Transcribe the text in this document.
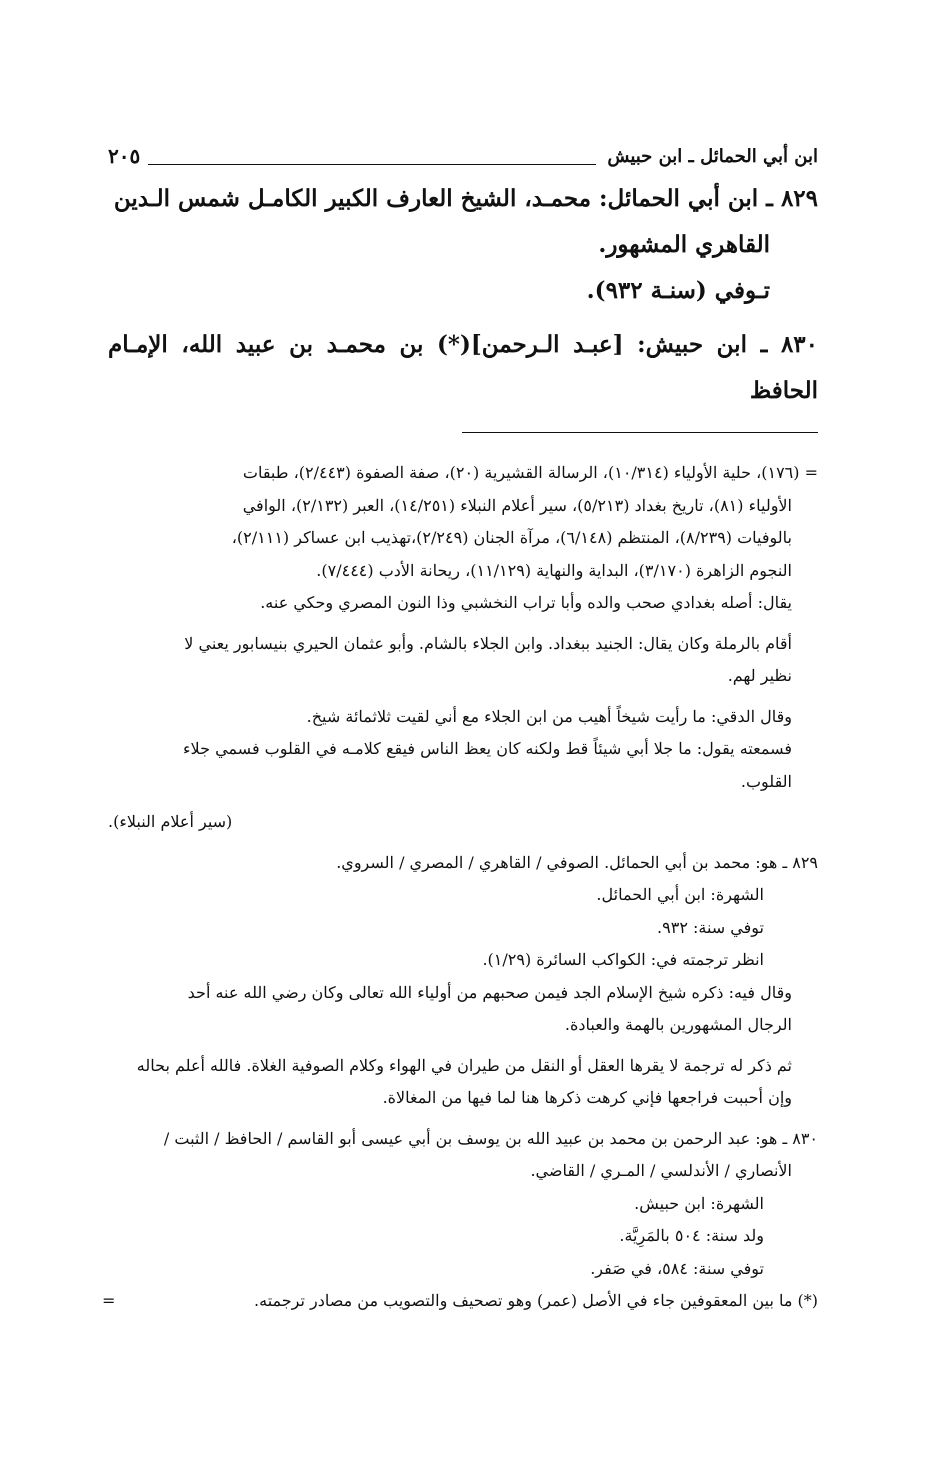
ابن أبي الحمائل ـ ابن حبيش
٢٠٥

٨٢٩ ـ ابن أبي الحمائل: محمـد، الشيخ العارف الكبير الكامـل شمس الـدين

القاهري المشهور.

تـوفي (سنـة ٩٣٢).

٨٣٠ ـ ابن حبيش: [عبـد الـرحمن](*) بن محمـد بن عبيد الله، الإمـام الحافظ

= (١٧٦)، حلية الأولياء (١٠/٣١٤)، الرسالة القشيرية (٢٠)، صفة الصفوة (٢/٤٤٣)، طبقات

الأولياء (٨١)، تاريخ بغداد (٥/٢١٣)، سير أعلام النبلاء (١٤/٢٥١)، العبر (٢/١٣٢)، الوافي

بالوفيات (٨/٢٣٩)، المنتظم (٦/١٤٨)، مرآة الجنان (٢/٢٤٩)،تهذيب ابن عساكر (٢/١١١)،

النجوم الزاهرة (٣/١٧٠)، البداية والنهاية (١١/١٢٩)، ريحانة الأدب (٧/٤٤٤).

يقال: أصله بغدادي صحب والده وأبا تراب النخشبي وذا النون المصري وحكي عنه.

أقام بالرملة وكان يقال: الجنيد ببغداد. وابن الجلاء بالشام. وأبو عثمان الحيري بنيسابور يعني لا

نظير لهم.

وقال الدقي: ما رأيت شيخاً أهيب من ابن الجلاء مع أني لقيت ثلاثمائة شيخ.

فسمعته يقول: ما جلا أبي شيئاً قط ولكنه كان يعظ الناس فيقع كلامـه في القلوب فسمي جلاء

القلوب.

(سير أعلام النبلاء).

٨٢٩ ـ هو: محمد بن أبي الحمائل. الصوفي / القاهري / المصري / السروي.

الشهرة: ابن أبي الحمائل.

توفي سنة: ٩٣٢.

انظر ترجمته في: الكواكب السائرة (١/٢٩).

وقال فيه: ذكره شيخ الإسلام الجد فيمن صحبهم من أولياء الله تعالى وكان رضي الله عنه أحد

الرجال المشهورين بالهمة والعبادة.

ثم ذكر له ترجمة لا يقرها العقل أو النقل من طيران في الهواء وكلام الصوفية الغلاة. فالله أعلم بحاله

وإن أحببت فراجعها فإني كرهت ذكرها هنا لما فيها من المغالاة.

٨٣٠ ـ هو: عبد الرحمن بن محمد بن عبيد الله بن يوسف بن أبي عيسى أبو القاسم / الحافظ / الثبت /

الأنصاري / الأندلسي / المـري / القاضي.

الشهرة: ابن حبيش.

ولد سنة: ٥٠٤ بالمَرِيَّة.

توفي سنة: ٥٨٤، في صَفر.

(*) ما بين المعقوفين جاء في الأصل (عمر) وهو تصحيف والتصويب من مصادر ترجمته.
=
